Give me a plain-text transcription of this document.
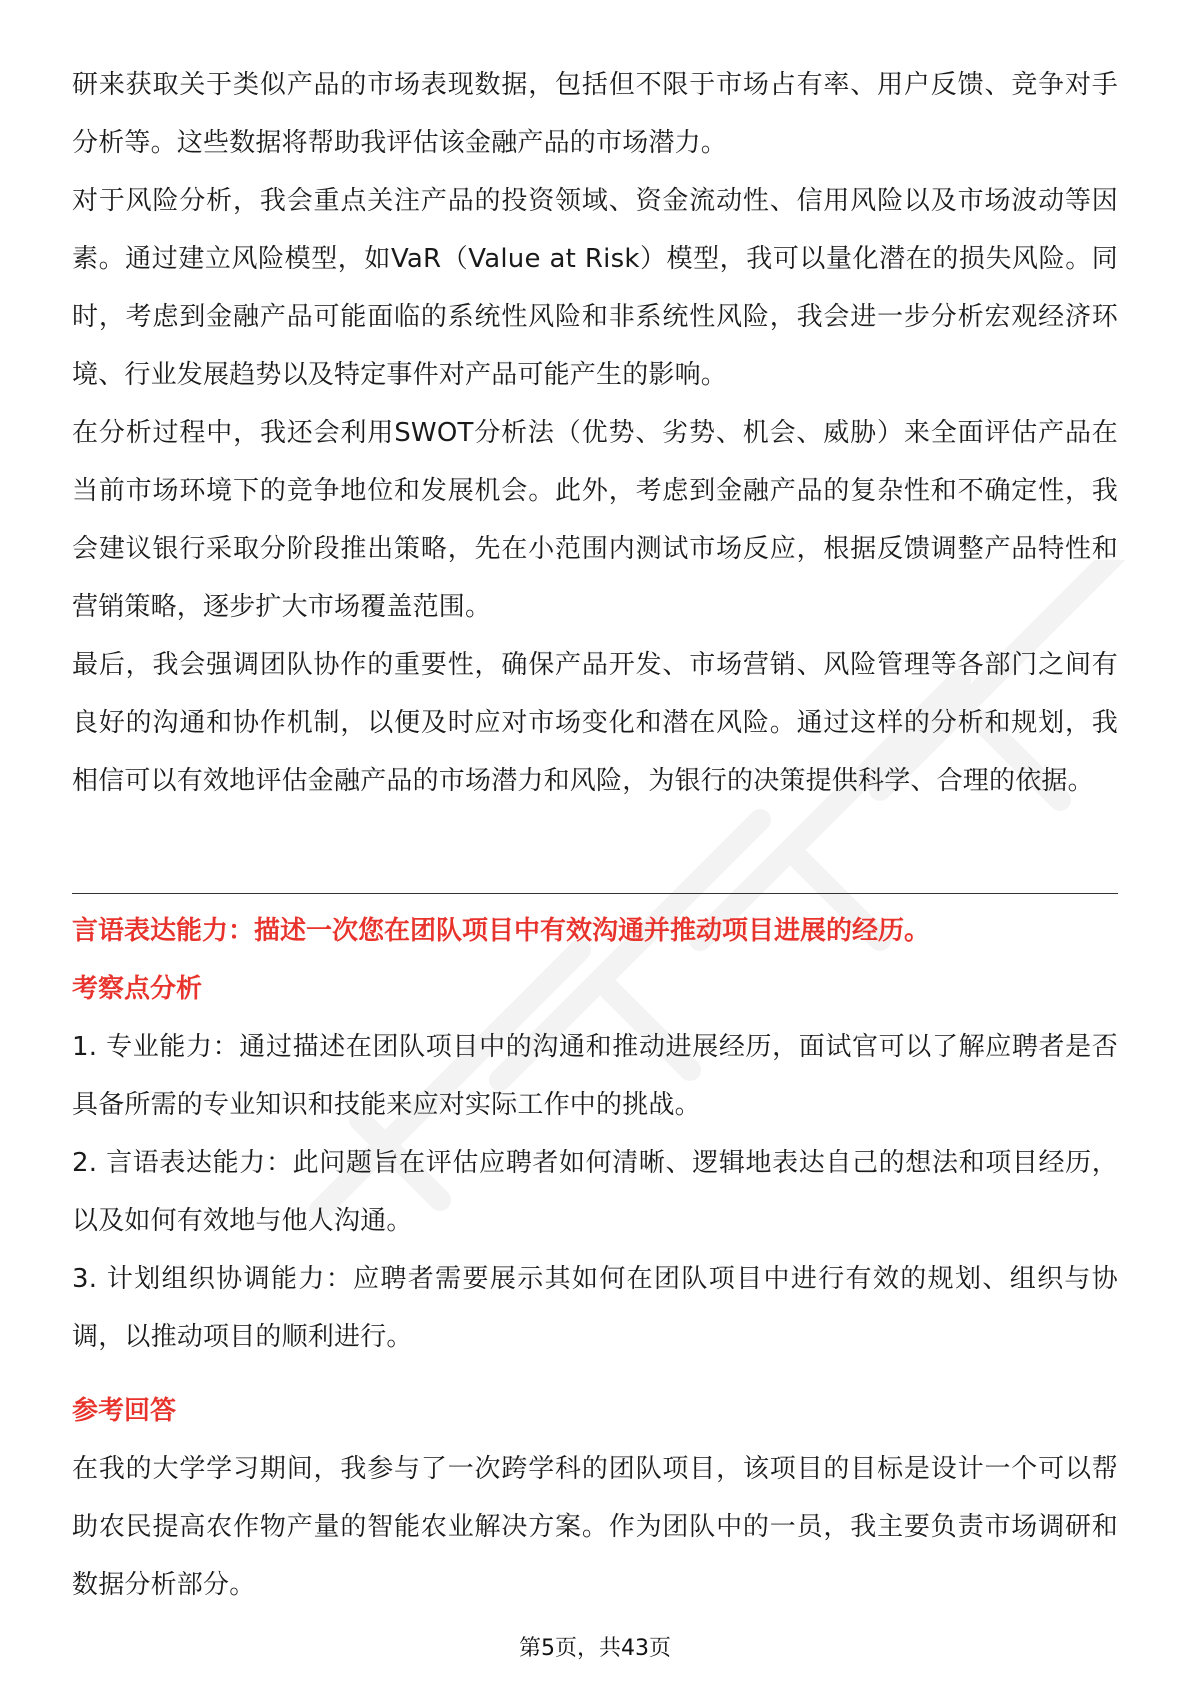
研来获取关于类似产品的市场表现数据，包括但不限于市场占有率、用户反馈、竞争对手分析等。这些数据将帮助我评估该金融产品的市场潜力。

对于风险分析，我会重点关注产品的投资领域、资金流动性、信用风险以及市场波动等因素。通过建立风险模型，如VaR（Value at Risk）模型，我可以量化潜在的损失风险。同时，考虑到金融产品可能面临的系统性风险和非系统性风险，我会进一步分析宏观经济环境、行业发展趋势以及特定事件对产品可能产生的影响。

在分析过程中，我还会利用SWOT分析法（优势、劣势、机会、威胁）来全面评估产品在当前市场环境下的竞争地位和发展机会。此外，考虑到金融产品的复杂性和不确定性，我会建议银行采取分阶段推出策略，先在小范围内测试市场反应，根据反馈调整产品特性和营销策略，逐步扩大市场覆盖范围。

最后，我会强调团队协作的重要性，确保产品开发、市场营销、风险管理等各部门之间有良好的沟通和协作机制，以便及时应对市场变化和潜在风险。通过这样的分析和规划，我相信可以有效地评估金融产品的市场潜力和风险，为银行的决策提供科学、合理的依据。

言语表达能力：描述一次您在团队项目中有效沟通并推动项目进展的经历。

考察点分析

1. 专业能力：通过描述在团队项目中的沟通和推动进展经历，面试官可以了解应聘者是否具备所需的专业知识和技能来应对实际工作中的挑战。

2. 言语表达能力：此问题旨在评估应聘者如何清晰、逻辑地表达自己的想法和项目经历，以及如何有效地与他人沟通。

3. 计划组织协调能力：应聘者需要展示其如何在团队项目中进行有效的规划、组织与协调，以推动项目的顺利进行。

参考回答

在我的大学学习期间，我参与了一次跨学科的团队项目，该项目的目标是设计一个可以帮助农民提高农作物产量的智能农业解决方案。作为团队中的一员，我主要负责市场调研和数据分析部分。

第5页，共43页
